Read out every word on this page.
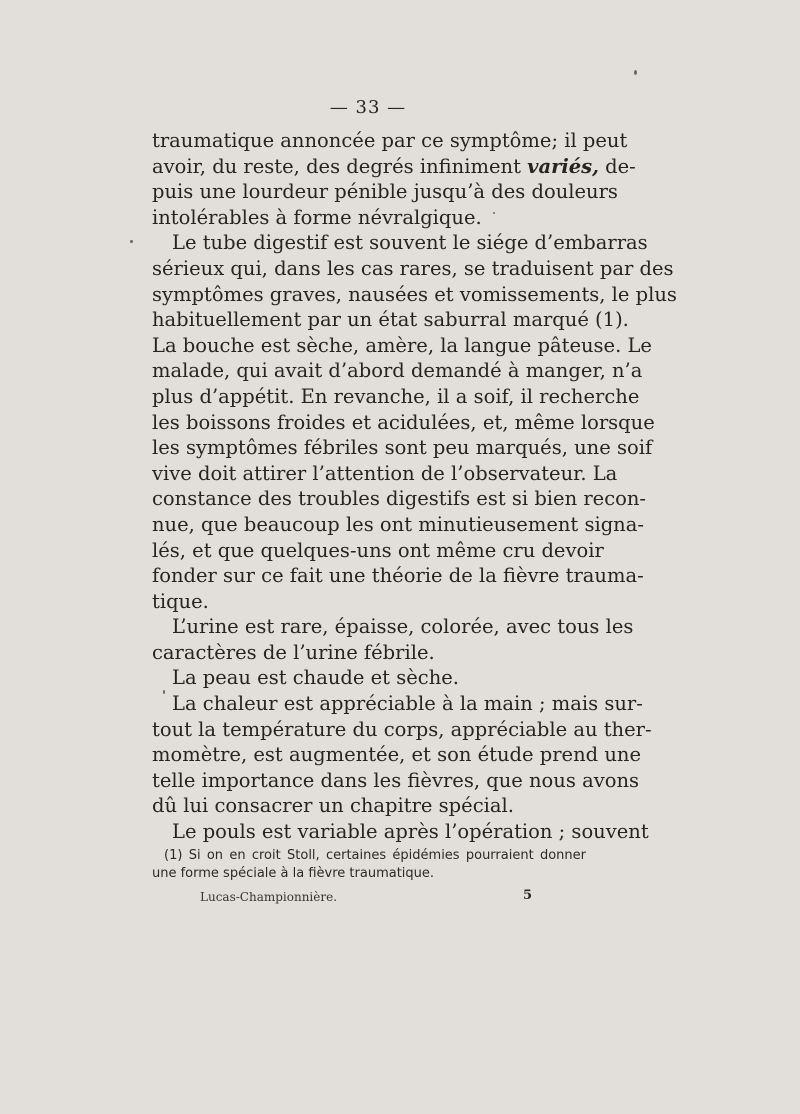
— 33 —
traumatique annoncée par ce symptôme; il peut
avoir, du reste, des degrés infiniment variés, de-
puis une lourdeur pénible jusqu’à des douleurs
intolérables à forme névralgique.
Le tube digestif est souvent le siége d’embarras
sérieux qui, dans les cas rares, se traduisent par des
symptômes graves, nausées et vomissements, le plus
habituellement par un état saburral marqué (1).
La bouche est sèche, amère, la langue pâteuse. Le
malade, qui avait d’abord demandé à manger, n’a
plus d’appétit. En revanche, il a soif, il recherche
les boissons froides et acidulées, et, même lorsque
les symptômes fébriles sont peu marqués, une soif
vive doit attirer l’attention de l’observateur. La
constance des troubles digestifs est si bien recon-
nue, que beaucoup les ont minutieusement signa-
lés, et que quelques-uns ont même cru devoir
fonder sur ce fait une théorie de la fièvre trauma-
tique.
L’urine est rare, épaisse, colorée, avec tous les
caractères de l’urine fébrile.
La peau est chaude et sèche.
La chaleur est appréciable à la main ; mais sur-
tout la température du corps, appréciable au ther-
momètre, est augmentée, et son étude prend une
telle importance dans les fièvres, que nous avons
dû lui consacrer un chapitre spécial.
Le pouls est variable après l’opération ; souvent
(1) Si on en croit Stoll, certaines épidémies pourraient donner
une forme spéciale à la fièvre traumatique.
Lucas-Championnière.	5
